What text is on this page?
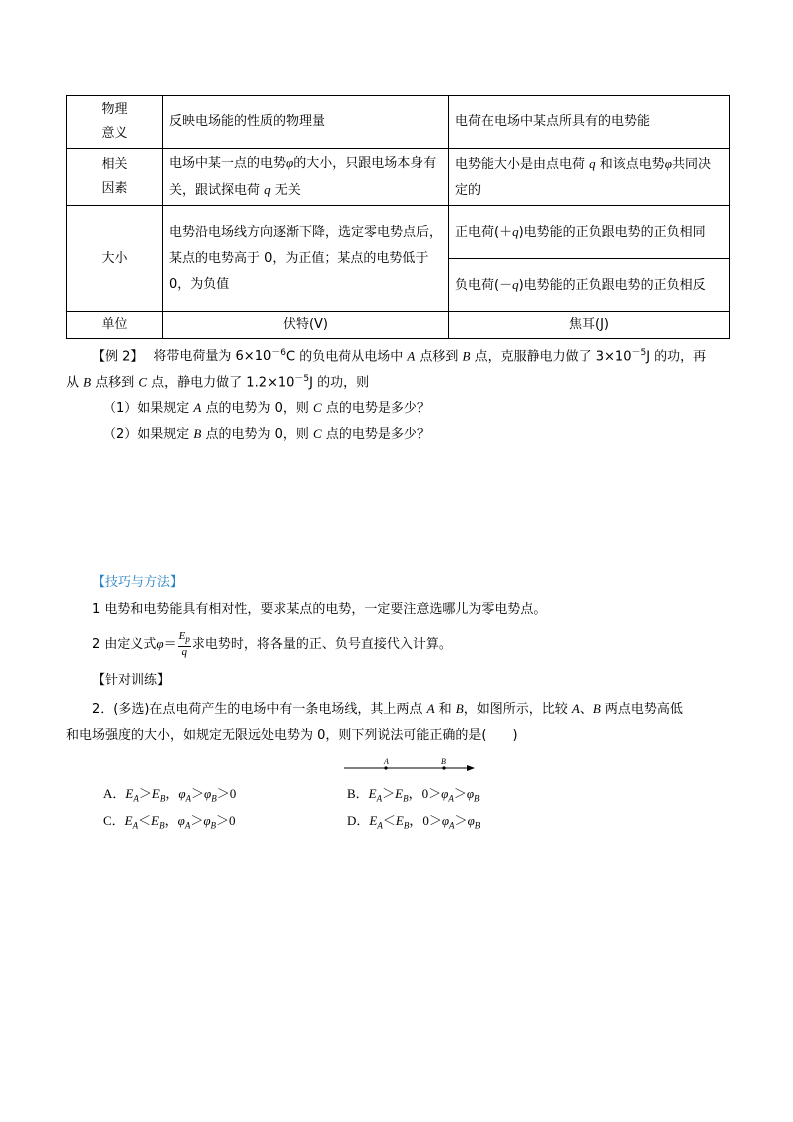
物理
意义	反映电场能的性质的物理量	电荷在电场中某点所具有的电势能
相关
因素	电场中某一点的电势φ的大小，只跟电场本身有关，跟试探电荷 q 无关	电势能大小是由点电荷 q 和该点电势φ共同决定的
大小	电势沿电场线方向逐渐下降，选定零电势点后，某点的电势高于 0，为正值；某点的电势低于 0，为负值	正电荷(＋q)电势能的正负跟电势的正负相同
		负电荷(－q)电势能的正负跟电势的正负相反
单位	伏特(V)	焦耳(J)
【例 2】 将带电荷量为 $6\times 10^{-6}C$ 的负电荷从电场中 A 点移到 B 点，克服静电力做了 $3\times 10^{-5}J$ 的功，再
从 B 点移到 C 点，静电力做了 $1.2\times 10^{-5}J$ 的功，则
（1）如果规定 A 点的电势为 0，则 C 点的电势是多少？
（2）如果规定 B 点的电势为 0，则 C 点的电势是多少？
【技巧与方法】
1 电势和电势能具有相对性，要求某点的电势，一定要注意选哪儿为零电势点。
2 由定义式$\varphi= \frac{E_p}{q}$ 求电势时，将各量的正、负号直接代入计算。
【针对训练】
2．(多选)在点电荷产生的电场中有一条电场线，其上两点 A 和 B，如图所示，比较 A、B 两点电势高低
和电场强度的大小，如规定无限远处电势为 0，则下列说法可能正确的是(　　)
A	B
A．$E_A>E_B$，$\varphi_A>\varphi_B>0$	B．$E_A>E_B$，$0>\varphi_A>\varphi_B$
C．$E_A<E_B$，$\varphi_A>\varphi_B>0$	D．$E_A<E_B$，$0>\varphi_A>\varphi_B$
